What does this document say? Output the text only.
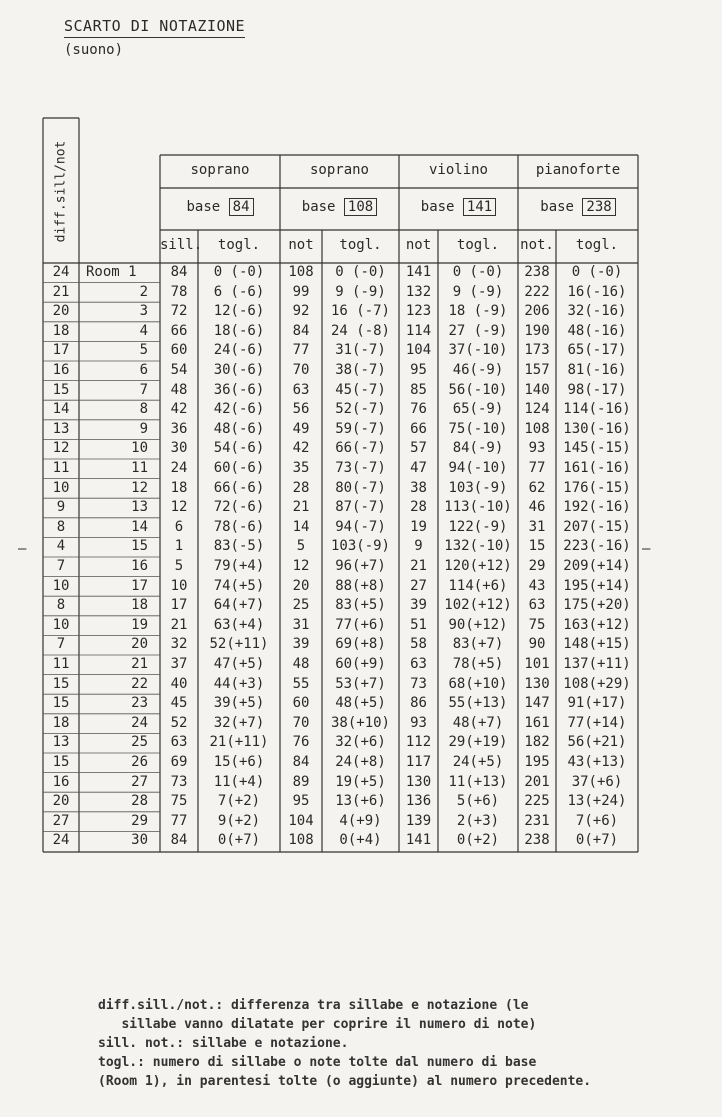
SCARTO DI NOTAZIONE
(suono)
diff.sill/not	soprano	soprano	violino	pianoforte
base 84	base 108	base 141	base 238
sill.	togl.	not	togl.	not	togl.	not.	togl.
24	Room 1	84	0 (-0)	108	0 (-0)	141	0 (-0)	238	0 (-0)
21	2	78	6 (-6)	99	9 (-9)	132	9 (-9)	222	16(-16)
20	3	72	12(-6)	92	16 (-7)	123	18 (-9)	206	32(-16)
18	4	66	18(-6)	84	24 (-8)	114	27 (-9)	190	48(-16)
17	5	60	24(-6)	77	31(-7)	104	37(-10)	173	65(-17)
16	6	54	30(-6)	70	38(-7)	95	46(-9)	157	81(-16)
15	7	48	36(-6)	63	45(-7)	85	56(-10)	140	98(-17)
14	8	42	42(-6)	56	52(-7)	76	65(-9)	124 114(-16)
13	9	36	48(-6)	49	59(-7)	66	75(-10)	108 130(-16)
12	10	30	54(-6)	42	66(-7)	57	84(-9)	93	145(-15)
11	11	24	60(-6)	35	73(-7)	47	94(-10)	77	161(-16)
10	12	18	66(-6)	28	80(-7)	38	103(-9)	62	176(-15)
9	13	12	72(-6)	21	87(-7)	28	113(-10)	46	192(-16)
8	14	6	78(-6)	14	94(-7)	19	122(-9)	31	207(-15)
4	15	1	83(-5)	5	103(-9)	9	132(-10)	15	223(-16)
7	16	5	79(+4)	12	96(+7)	21	120(+12)	29	209(+14)
10	17	10	74(+5)	20	88(+8)	27	114(+6)	43	195(+14)
8	18	17	64(+7)	25	83(+5)	39	102(+12)	63	175(+20)
10	19	21	63(+4)	31	77(+6)	51	90(+12)	75	163(+12)
7	20	32	52(+11)	39	69(+8)	58	83(+7)	90	148(+15)
11	21	37	47(+5)	48	60(+9)	63	78(+5)	101 137(+11)
15	22	40	44(+3)	55	53(+7)	73	68(+10)	130 108(+29)
15	23	45	39(+5)	60	48(+5)	86	55(+13)	147	91(+17)
18	24	52	32(+7)	70	38(+10)	93	48(+7)	161	77(+14)
13	25	63	21(+11)	76	32(+6)	112	29(+19)	182	56(+21)
15	26	69	15(+6)	84	24(+8)	117	24(+5)	195	43(+13)
16	27	73	11(+4)	89	19(+5)	130	11(+13)	201	37(+6)
20	28	75	7(+2)	95	13(+6)	136	5(+6)	225	13(+24)
27	29	77	9(+2)	104	4(+9)	139	2(+3)	231	7(+6)
24	30	84	0(+7)	108	0(+4)	141	0(+2)	238	0(+7)
—	—
diff.sill./not.: differenza tra sillabe e notazione (le
sillabe vanno dilatate per coprire il numero di note)
sill. not.: sillabe e notazione.
togl.: numero di sillabe o note tolte dal numero di base
(Room 1), in parentesi tolte (o aggiunte) al numero precedente.
